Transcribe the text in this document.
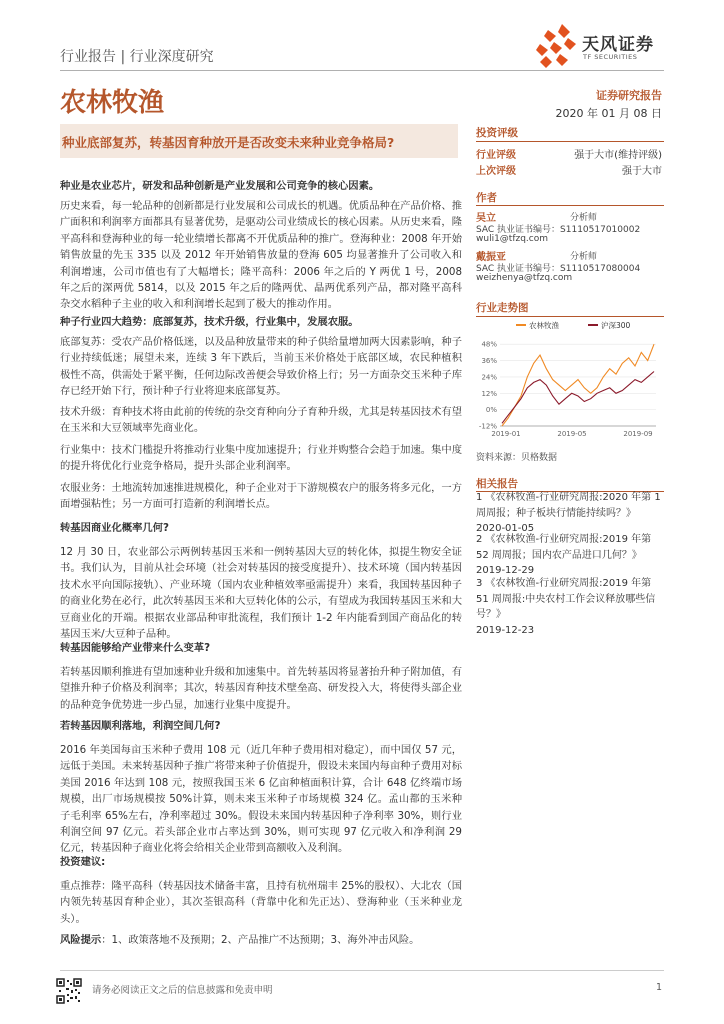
行业报告 | 行业深度研究
天风证券
TF SECURITIES
农林牧渔	证券研究报告
2020 年 01 月 08 日
种业底部复苏，转基因育种放开是否改变未来种业竞争格局?

种业是农业芯片，研发和品种创新是产业发展和公司竞争的核心因素。

历史来看，每一轮品种的创新都是行业发展和公司成长的机遇。优质品种在产品价格、推广面积和利润率方面都具有显著优势，是驱动公司业绩成长的核心因素。从历史来看，隆平高科和登海种业的每一轮业绩增长都离不开优质品种的推广。登海种业：2008 年开始销售放量的先玉 335 以及 2012 年开始销售放量的登海 605 均显著推升了公司收入和利润增速，公司市值也有了大幅增长；隆平高科：2006 年之后的 Y 两优 1 号，2008 年之后的深两优 5814，以及 2015 年之后的隆两优、晶两优系列产品，都对隆平高科杂交水稻种子主业的收入和利润增长起到了极大的推动作用。

种子行业四大趋势：底部复苏，技术升级，行业集中，发展农服。

底部复苏：受农产品价格低迷，以及品种放量带来的种子供给量增加两大因素影响，种子行业持续低迷；展望未来，连续 3 年下跌后，当前玉米价格处于底部区域，农民种植积极性不高，供需处于紧平衡，任何边际改善便会导致价格上行；另一方面杂交玉米种子库存已经开始下行，预计种子行业将迎来底部复苏。

技术升级：育种技术将由此前的传统的杂交育种向分子育种升级，尤其是转基因技术有望在玉米和大豆领域率先商业化。

行业集中：技术门槛提升将推动行业集中度加速提升；行业并购整合会趋于加速。集中度的提升将优化行业竞争格局，提升头部企业利润率。

农服业务：土地流转加速推进规模化，种子企业对于下游规模农户的服务将多元化，一方面增强粘性；另一方面可打造新的利润增长点。

转基因商业化概率几何?

12 月 30 日，农业部公示两例转基因玉米和一例转基因大豆的转化体，拟提生物安全证书。我们认为，目前从社会环境（社会对转基因的接受度提升）、技术环境（国内转基因技术水平向国际接轨）、产业环境（国内农业种植效率亟需提升）来看，我国转基因种子的商业化势在必行，此次转基因玉米和大豆转化体的公示，有望成为我国转基因玉米和大豆商业化的开端。根据农业部品种审批流程，我们预计 1-2 年内能看到国产商品化的转基因玉米/大豆种子品种。

转基因能够给产业带来什么变革?

若转基因顺利推进有望加速种业升级和加速集中。首先转基因将显著抬升种子附加值，有望推升种子价格及利润率；其次，转基因育种技术壁垒高、研发投入大，将使得头部企业的品种竞争优势进一步凸显，加速行业集中度提升。

若转基因顺利落地，利润空间几何?

2016 年美国每亩玉米种子费用 108 元（近几年种子费用相对稳定），而中国仅 57 元，远低于美国。未来转基因种子推广将带来种子价值提升，假设未来国内每亩种子费用对标美国 2016 年达到 108 元，按照我国玉米 6 亿亩种植面积计算，合计 648 亿终端市场规模，出厂市场规模按 50%计算，则未来玉米种子市场规模 324 亿。孟山都的玉米种子毛利率 65%左右，净利率超过 30%。假设未来国内转基因种子净利率 30%，则行业利润空间 97 亿元。若头部企业市占率达到 30%，则可实现 97 亿元收入和净利润 29 亿元，转基因种子商业化将会给相关企业带到高额收入及利润。

投资建议:

重点推荐：隆平高科（转基因技术储备丰富，且持有杭州瑞丰 25%的股权）、大北农（国内领先转基因育种企业），其次荃银高科（背靠中化和先正达）、登海种业（玉米种业龙头）。

风险提示：1、政策落地不及预期；2、产品推广不达预期；3、海外冲击风险。

投资评级
行业评级	强于大市(维持评级)
上次评级	强于大市
作者
吴立	分析师
SAC 执业证书编号：S1110517010002
wuli1@tfzq.com
戴振亚	分析师
SAC 执业证书编号：S1110517080004
weizhenya@tfzq.com
行业走势图
农林牧渔	沪深300
48%
36%
24%
12%
0%
-12%
2019-01	2019-05	2019-09
资料来源：贝格数据
相关报告
1 《农林牧渔-行业研究周报:2020 年第 1 周周报；种子板块行情能持续吗？》
2020-01-05
2 《农林牧渔-行业研究周报:2019 年第 52 周周报；国内农产品进口几何？》
2019-12-29
3 《农林牧渔-行业研究周报:2019 年第 51 周周报:中央农村工作会议释放哪些信号？》
2019-12-23
请务必阅读正文之后的信息披露和免责申明	1
